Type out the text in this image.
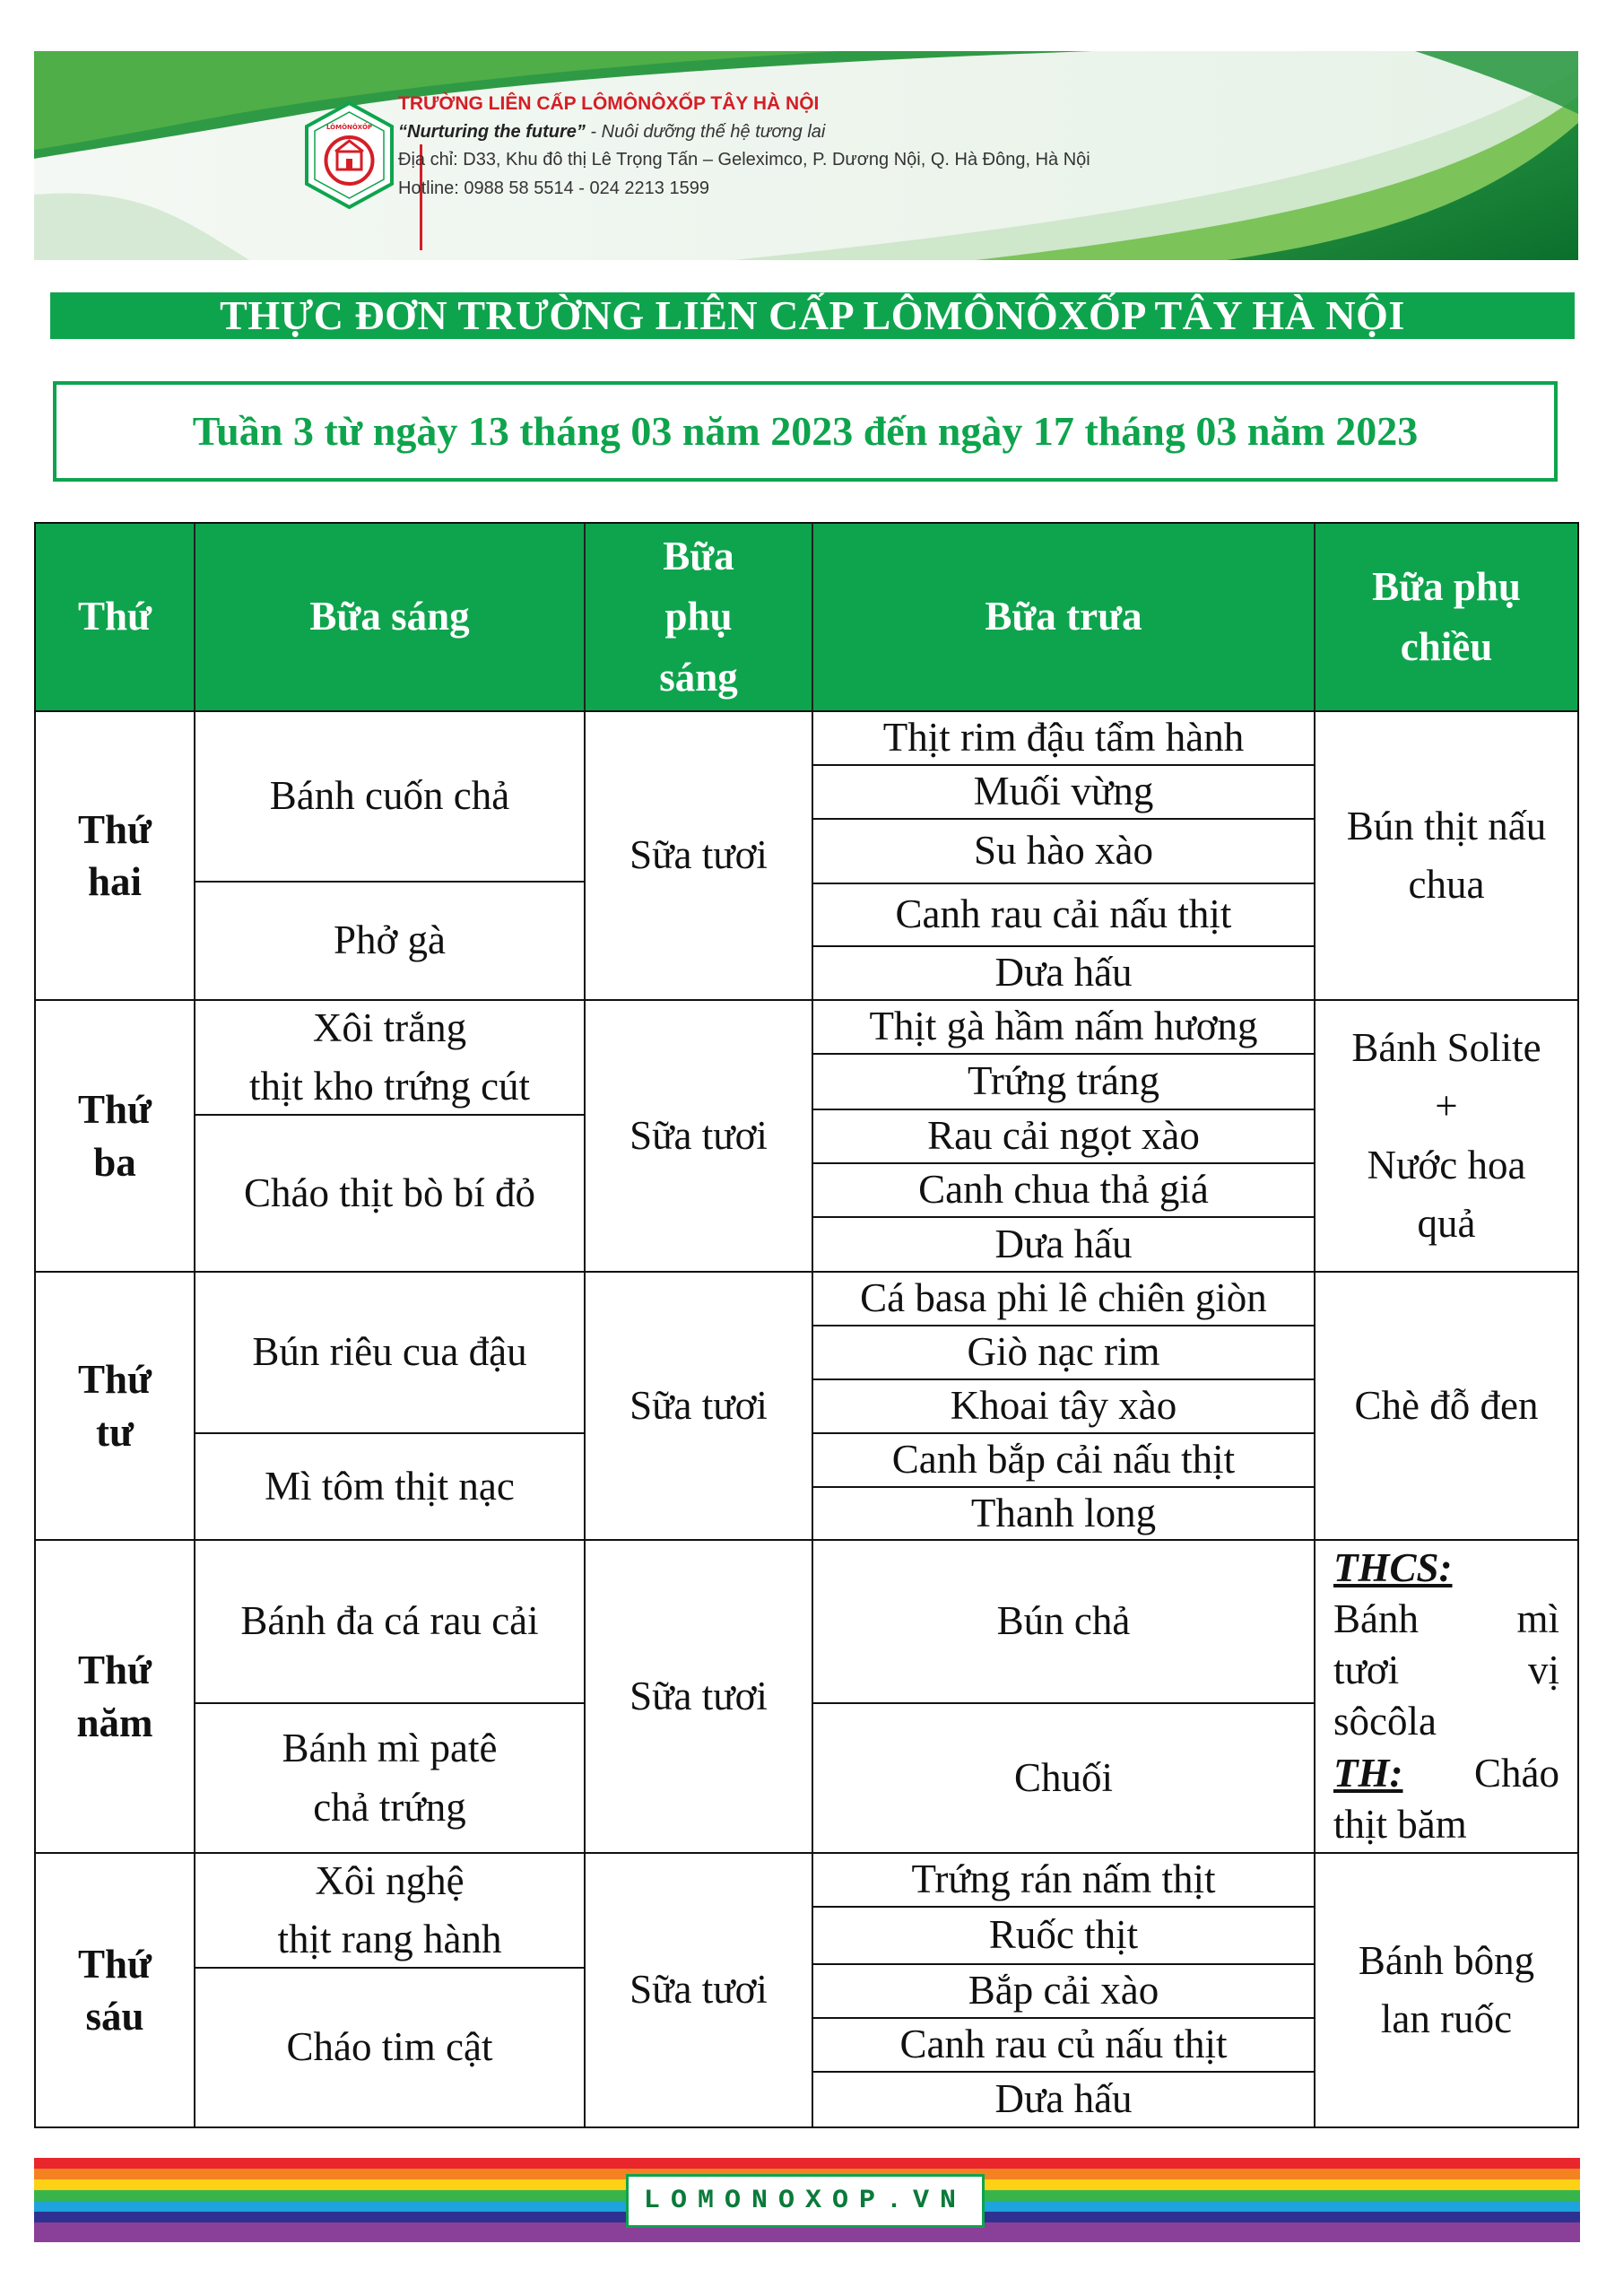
LÔMÔNÔXỐP
TRƯỜNG LIÊN CẤP LÔMÔNÔXỐP TÂY HÀ NỘI
“Nurturing the future” - Nuôi dưỡng thế hệ tương lai
Địa chỉ: D33, Khu đô thị Lê Trọng Tấn – Geleximco, P. Dương Nội, Q. Hà Đông, Hà Nội
Hotline: 0988 58 5514 - 024 2213 1599
THỰC ĐƠN TRƯỜNG LIÊN CẤP LÔMÔNÔXỐP TÂY HÀ NỘI
Tuần 3 từ ngày 13 tháng 03 năm 2023 đến ngày 17 tháng 03 năm 2023
Thứ	Bữa sáng
Bữa
phụ
sáng
Bữa trưa
Bữa phụ
chiều
Thứ
hai
Bánh cuốn chả
Phở gà
Sữa tươi
Thịt rim đậu tẩm hành
Muối vừng
Su hào xào
Canh rau cải nấu thịt
Dưa hấu
Bún thịt nấu
chua
Thứ
ba
Xôi trắng
thịt kho trứng cút
Cháo thịt bò bí đỏ
Sữa tươi
Thịt gà hầm nấm hương
Trứng tráng
Rau cải ngọt xào
Canh chua thả giá
Dưa hấu
Bánh Solite
+
Nước hoa
quả
Thứ
tư
Bún riêu cua đậu
Mì tôm thịt nạc
Sữa tươi
Cá basa phi lê chiên giòn
Giò nạc rim
Khoai tây xào
Canh bắp cải nấu thịt
Thanh long
Chè đỗ đen
Thứ
năm
Bánh đa cá rau cải
Bánh mì patê
chả trứng
Sữa tươi
Bún chả
Chuối
THCS:
Bánh mì
tươi vị
sôcôla
TH: Cháo
thịt băm
Thứ
sáu
Xôi nghệ
thịt rang hành
Cháo tim cật
Sữa tươi
Trứng rán nấm thịt
Ruốc thịt
Bắp cải xào
Canh rau củ nấu thịt
Dưa hấu
Bánh bông
lan ruốc
LOMONOXOP.VN
